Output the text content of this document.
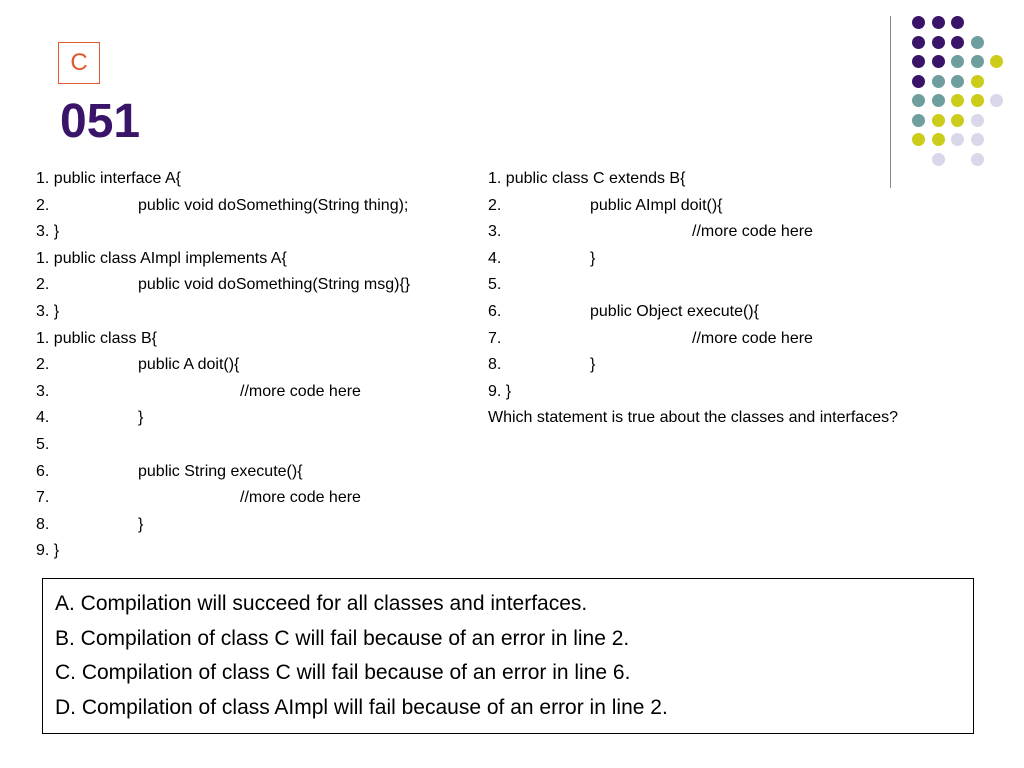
C
051
1. public interface A{
2.	public void doSomething(String thing);
3. }
1. public class AImpl implements A{
2.	public void doSomething(String msg){}
3. }
1. public class B{
2.	public A doit(){
3.	//more code here
4.	}
5.
6.	public String execute(){
7.	//more code here
8.	}
9. }
1. public class C extends B{
2.	public AImpl doit(){
3.	//more code here
4.	}
5.
6.	public Object execute(){
7.	//more code here
8.	}
9. }
Which statement is true about the classes and interfaces?
A. Compilation will succeed for all classes and interfaces.
B. Compilation of class C will fail because of an error in line 2.
C. Compilation of class C will fail because of an error in line 6.
D. Compilation of class AImpl will fail because of an error in line 2.
